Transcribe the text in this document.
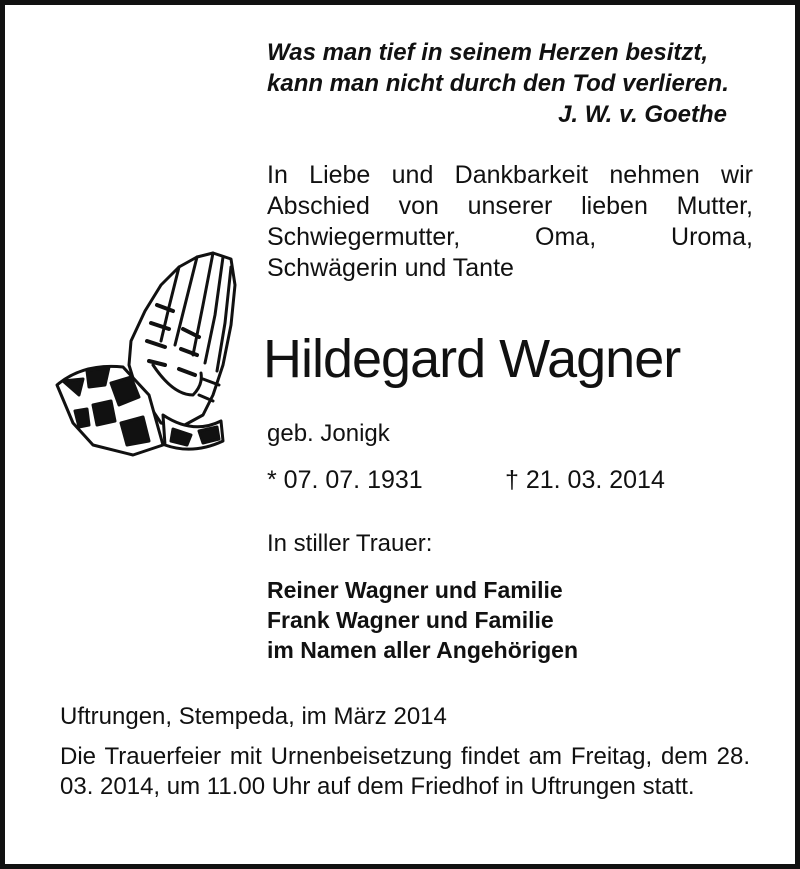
Was man tief in seinem Herzen besitzt,
kann man nicht durch den Tod verlieren.
J. W. v. Goethe
In Liebe und Dankbarkeit nehmen wir Abschied von unserer lieben Mutter, Schwiegermutter, Oma, Uroma, Schwägerin und Tante
Hildegard Wagner
geb. Jonigk
* 07. 07. 1931	† 21. 03. 2014
In stiller Trauer:
Reiner Wagner und Familie
Frank Wagner und Familie
im Namen aller Angehörigen
Uftrungen, Stempeda, im März 2014
Die Trauerfeier mit Urnenbeisetzung findet am Freitag, dem 28. 03. 2014, um 11.00 Uhr auf dem Friedhof in Uftrungen statt.
